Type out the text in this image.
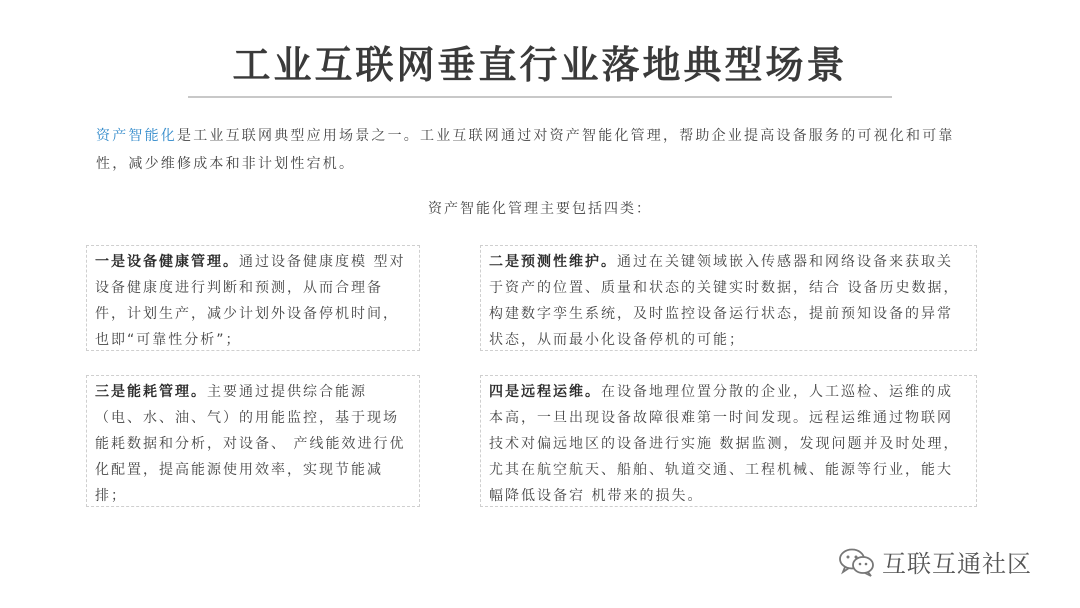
工业互联网垂直行业落地典型场景
资产智能化是工业互联网典型应用场景之一。工业互联网通过对资产智能化管理，帮助企业提高设备服务的可视化和可靠性，减少维修成本和非计划性宕机。
资产智能化管理主要包括四类：
一是设备健康管理。通过设备健康度模 型对设备健康度进行判断和预测，从而合理备件，计划生产，减少计划外设备停机时间，也即“可靠性分析”；
二是预测性维护。通过在关键领域嵌入传感器和网络设备来获取关于资产的位置、质量和状态的关键实时数据，结合 设备历史数据，构建数字孪生系统，及时监控设备运行状态，提前预知设备的异常状态，从而最小化设备停机的可能；
三是能耗管理。主要通过提供综合能源（电、水、油、气）的用能监控，基于现场能耗数据和分析，对设备、 产线能效进行优化配置，提高能源使用效率，实现节能减排；
四是远程运维。在设备地理位置分散的企业，人工巡检、运维的成本高，一旦出现设备故障很难第一时间发现。远程运维通过物联网技术对偏远地区的设备进行实施 数据监测，发现问题并及时处理，尤其在航空航天、船舶、轨道交通、工程机械、能源等行业，能大幅降低设备宕 机带来的损失。
互联互通社区
